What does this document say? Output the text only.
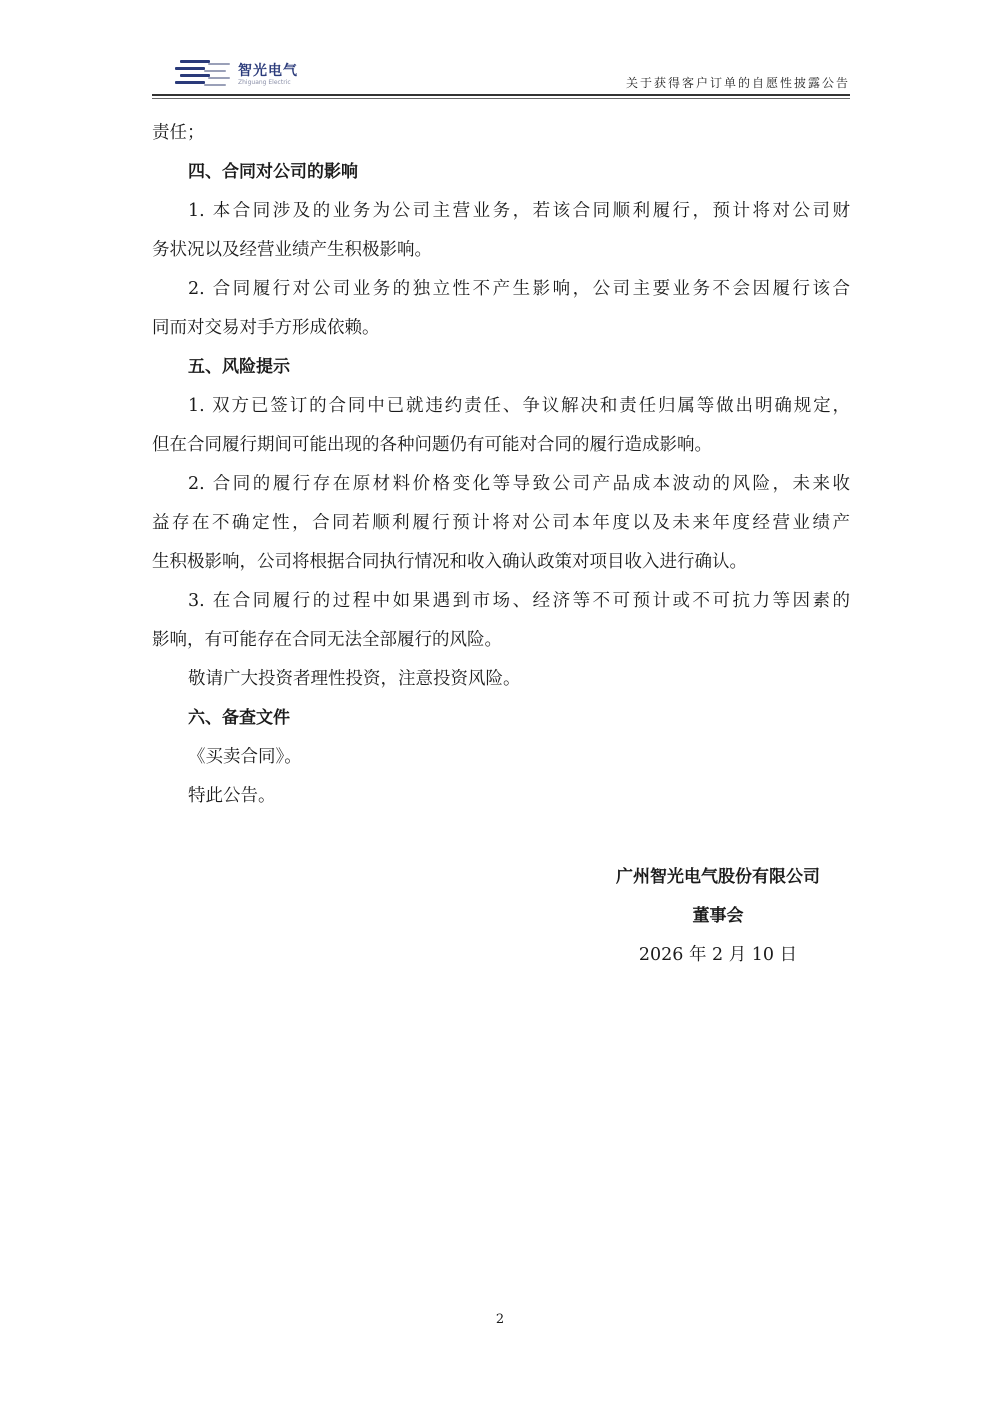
智光电气
Zhiguang Electric	关于获得客户订单的自愿性披露公告
责任；
四、合同对公司的影响
1. 本合同涉及的业务为公司主营业务，若该合同顺利履行，预计将对公司财
务状况以及经营业绩产生积极影响。
2. 合同履行对公司业务的独立性不产生影响，公司主要业务不会因履行该合
同而对交易对手方形成依赖。
五、风险提示
1. 双方已签订的合同中已就违约责任、争议解决和责任归属等做出明确规定，
但在合同履行期间可能出现的各种问题仍有可能对合同的履行造成影响。
2. 合同的履行存在原材料价格变化等导致公司产品成本波动的风险，未来收
益存在不确定性，合同若顺利履行预计将对公司本年度以及未来年度经营业绩产
生积极影响，公司将根据合同执行情况和收入确认政策对项目收入进行确认。
3. 在合同履行的过程中如果遇到市场、经济等不可预计或不可抗力等因素的
影响，有可能存在合同无法全部履行的风险。
敬请广大投资者理性投资，注意投资风险。
六、备查文件
《买卖合同》。
特此公告。
广州智光电气股份有限公司
董事会
2026 年 2 月 10 日
2
